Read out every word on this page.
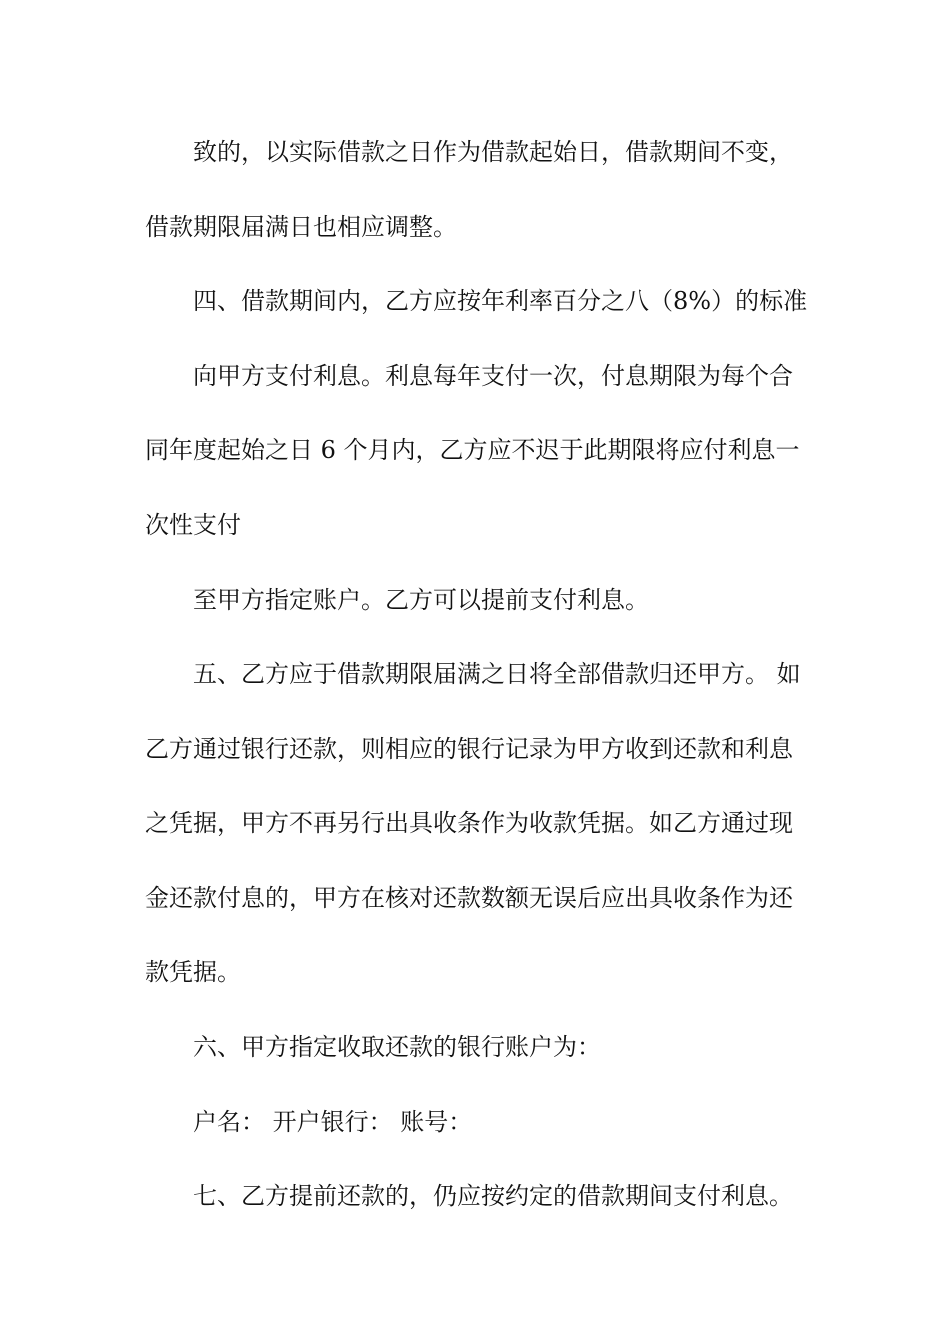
致的，以实际借款之日作为借款起始日，借款期间不变，
借款期限届满日也相应调整。
四、借款期间内，乙方应按年利率百分之八（8%）的标准
向甲方支付利息。利息每年支付一次，付息期限为每个合
同年度起始之日 6 个月内，乙方应不迟于此期限将应付利息一
次性支付
至甲方指定账户。乙方可以提前支付利息。
五、乙方应于借款期限届满之日将全部借款归还甲方。 如
乙方通过银行还款，则相应的银行记录为甲方收到还款和利息
之凭据，甲方不再另行出具收条作为收款凭据。如乙方通过现
金还款付息的，甲方在核对还款数额无误后应出具收条作为还
款凭据。
六、甲方指定收取还款的银行账户为：
户名： 开户银行： 账号：
七、乙方提前还款的，仍应按约定的借款期间支付利息。
